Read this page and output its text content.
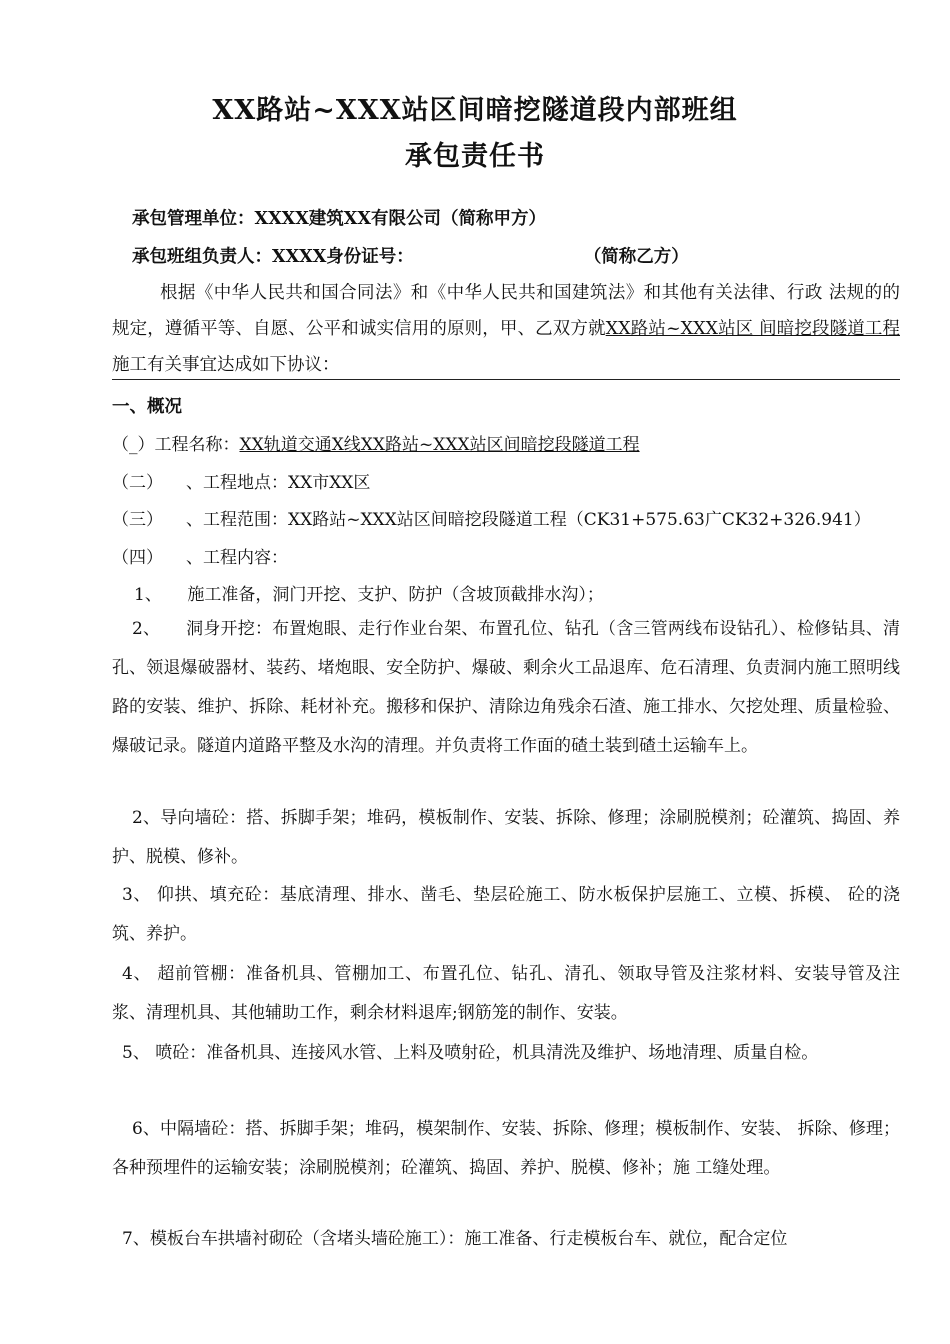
XX路站~XXX站区间暗挖隧道段内部班组
承包责任书
承包管理单位：XXXX建筑XX有限公司（简称甲方）
承包班组负责人：XXXX身份证号：	（简称乙方）
根据《中华人民共和国合同法》和《中华人民共和国建筑法》和其他有关法律、行政 法规的的规定，遵循平等、自愿、公平和诚实信用的原则，甲、乙双方就XX路站~XXX站区 间暗挖段隧道工程施工有关事宜达成如下协议：
一、概况
（_）工程名称：XX轨道交通X线XX路站~XXX站区间暗挖段隧道工程
（二） 、工程地点：XX市XX区
（三） 、工程范围：XX路站~XXX站区间暗挖段隧道工程（CK31+575.63广CK32+326.941）
（四） 、工程内容：
1、　　施工准备，洞门开挖、支护、防护（含坡顶截排水沟）；
2、　　洞身开挖：布置炮眼、走行作业台架、布置孔位、钻孔（含三管两线布设钻孔）、检修钻具、清孔、领退爆破器材、装药、堵炮眼、安全防护、爆破、剩余火工品退库、危石清理、负责洞内施工照明线路的安装、维护、拆除、耗材补充。搬移和保护、清除边角残余石渣、施工排水、欠挖处理、质量检验、爆破记录。隧道内道路平整及水沟的清理。并负责将工作面的碴土装到碴土运输车上。
2、导向墙砼：搭、拆脚手架；堆码，模板制作、安装、拆除、修理；涂刷脱模剂；砼灌筑、捣固、养护、脱模、修补。
3、 仰拱、填充砼：基底清理、排水、凿毛、垫层砼施工、防水板保护层施工、立模、拆模、 砼的浇筑、养护。
4、 超前管棚：准备机具、管棚加工、布置孔位、钻孔、清孔、领取导管及注浆材料、安装导管及注浆、清理机具、其他辅助工作，剩余材料退库;钢筋笼的制作、安装。
5、 喷砼：准备机具、连接风水管、上料及喷射砼，机具清洗及维护、场地清理、质量自检。
6、中隔墙砼：搭、拆脚手架；堆码，模架制作、安装、拆除、修理；模板制作、安装、 拆除、修理；各种预埋件的运输安装；涂刷脱模剂；砼灌筑、捣固、养护、脱模、修补；施 工缝处理。
7、模板台车拱墙衬砌砼（含堵头墙砼施工）：施工准备、行走模板台车、就位，配合定位
